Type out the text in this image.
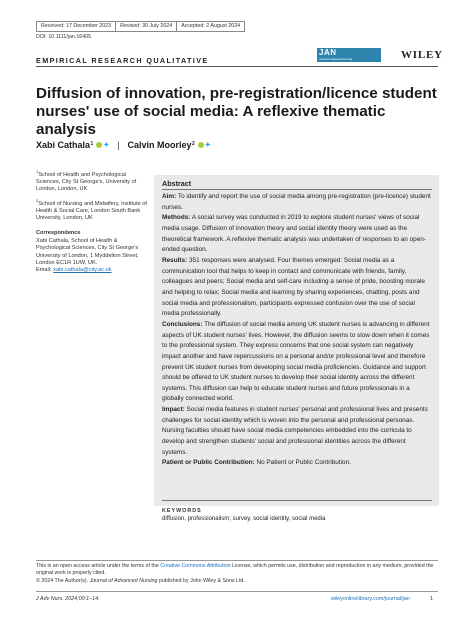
Received: 17 December 2023	Revised: 30 July 2024	Accepted: 2 August 2024
DOI: 10.1111/jan.16405
EMPIRICAL RESEARCH QUALITATIVE
JAN
Journal of Advanced Nursing	WILEY
Diffusion of innovation, pre-registration/licence student nurses' use of social media: A reflexive thematic analysis
Xabi Cathala$^1$ ✦ | Calvin Moorley$^2$ ✦
$^1$School of Health and Psychological Sciences, City St George's, University of London, London, UK
$^2$School of Nursing and Midwifery, Institute of Health & Social Care, London South Bank University, London, UK
Correspondence
Xabi Cathala, School of Health & Psychological Sciences, City St George's University of London, 1 Myddelton Street, London EC1R 1UW, UK.
Email: xabi.cathala@city.ac.uk
Abstract

Aim: To identify and report the use of social media among pre-registration (pre-licence) student nurses.

Methods: A social survey was conducted in 2019 to explore student nurses' views of social media usage. Diffusion of innovation theory and social identity theory were used as the theoretical framework. A reflexive thematic analysis was undertaken of responses to an open-ended question.

Results: 351 responses were analysed. Four themes emerged: Social media as a communication tool that helps to keep in contact and communicate with friends, family, colleagues and peers; Social media and self-care including a sense of pride, boosting morale and helping to relax; Social media and learning by sharing experiences, chatting, posts and social media and professionalism, participants expressed confusion over the use of social media professionally.

Conclusions: The diffusion of social media among UK student nurses is advancing in different aspects of UK student nurses' lives. However, the diffusion seems to slow down when it comes to the professional system. They express concerns that one social system can negatively impact another and have repercussions on a personal and/or professional level and therefore prevent UK student nurses from developing social media proficiencies. Guidance and support should be offered to UK student nurses to develop their social identity across the different systems. This diffusion can help to educate student nurses and future professionals in a globally connected world.

Impact: Social media features in student nurses' personal and professional lives and presents challenges for social identity which is woven into the personal and professional personas. Nursing faculties should have social media competencies embedded into the curricula to develop and strengthen students' social and professional identities across the different systems.

Patient or Public Contribution: No Patient or Public Contribution.

KEYWORDS
diffusion, professionalism; survey, social identity, social media
This is an open access article under the terms of the Creative Commons Attribution License, which permits use, distribution and reproduction in any medium, provided the original work is properly cited.
© 2024 The Author(s). Journal of Advanced Nursing published by John Wiley & Sons Ltd.
J Adv Nurs. 2024;00:1–14.	wileyonlinelibrary.com/journal/jan	1
